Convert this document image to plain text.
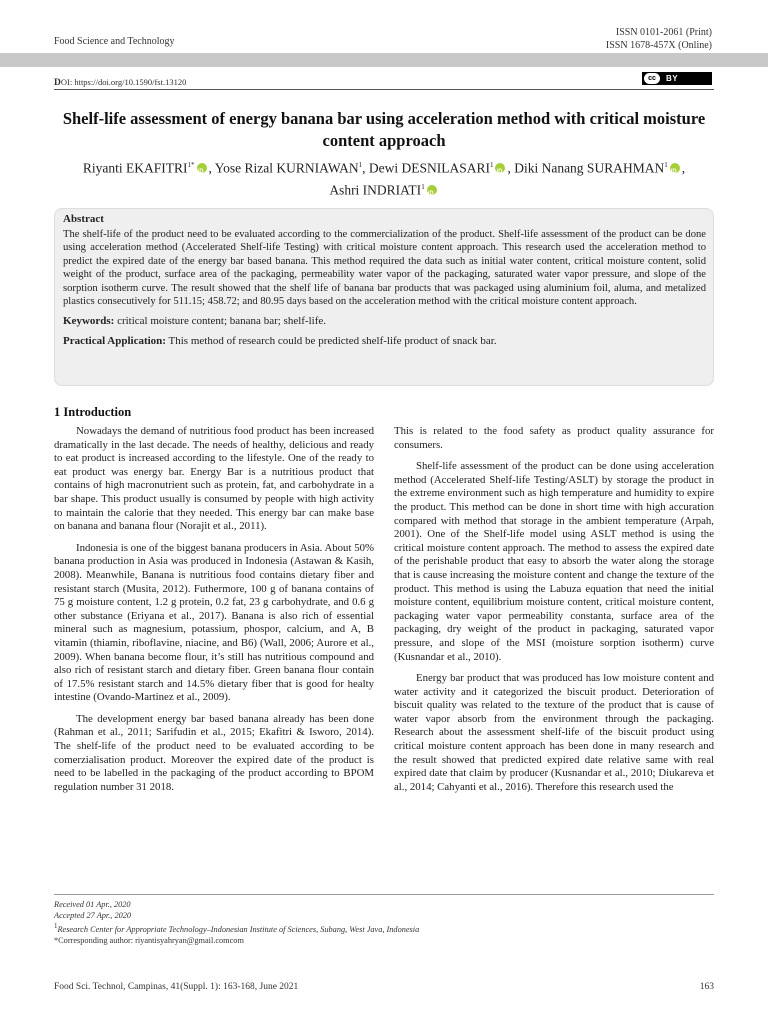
Food Science and Technology
ISSN 0101-2061 (Print)
ISSN 1678-457X (Online)
DOI: https://doi.org/10.1590/fst.13120	cc	BY
Shelf-life assessment of energy banana bar using acceleration method with critical moisture content approach
Riyanti $EKAFITRI^{1*}iD$ , Yose Rizal KURNIAWAN$^1$, Dewi DESNILASARI$^1$iD , Diki Nanang SURAHMAN$^1$iD ,
Ashri INDRIATI$^1$iD
Abstract

The shelf-life of the product need to be evaluated according to the commercialization of the product. Shelf-life assessment of the product can be done using acceleration method (Accelerated Shelf-life Testing) with critical moisture content approach. This research used the acceleration method to predict the expired date of the energy bar based banana. This method required the data such as initial water content, critical moisture content, solid weight of the product, surface area of the packaging, permeability water vapor of the packaging, saturated water vapor pressure, and slope of the sorption isotherm curve. The result showed that the shelf life of banana bar products that was packaged using aluminium foil, aluma, and metalized plastics consecutively for 511.15; 458.72; and 80.95 days based on the acceleration method with the critical moisture content approach.

Keywords: critical moisture content; banana bar; shelf-life.

Practical Application: This method of research could be predicted shelf-life product of snack bar.

1 Introduction

Nowadays the demand of nutritious food product has been increased dramatically in the last decade. The needs of healthy, delicious and ready to eat product is increased according to the lifestyle. One of the ready to eat product was energy bar. Energy Bar is a nutritious product that contains of high macronutrient such as protein, fat, and carbohydrate in a bar shape. This product usually is consumed by people with high activity to maintain the calorie that they needed. This energy bar can make base on banana and banana flour (Norajit et al., 2011).

Indonesia is one of the biggest banana producers in Asia. About 50% banana production in Asia was produced in Indonesia (Astawan & Kasih, 2008). Meanwhile, Banana is nutritious food contains dietary fiber and resistant starch (Musita, 2012). Futhermore, 100 g of banana contains of 75 g moisture content, 1.2 g protein, 0.2 fat, 23 g carbohydrate, and 0.6 g other substance (Eriyana et al., 2017). Banana is also rich of essential mineral such as magnesium, potassium, phospor, calcium, and A, B vitamin (thiamin, riboflavine, niacine, and B6) (Wall, 2006; Aurore et al., 2009). When banana become flour, it’s still has nutritious compound and also rich of resistant starch and dietary fiber. Green banana flour contain of 17.5% resistant starch and 14.5% dietary fiber that is good for healty intestine (Ovando-Martinez et al., 2009).

The development energy bar based banana already has been done (Rahman et al., 2011; Sarifudin et al., 2015; Ekafitri & Isworo, 2014). The shelf-life of the product need to be evaluated according to be comerzialisation product. Moreover the expired date of the product is need to be labelled in the packaging of the product according to BPOM regulation number 31 2018.

This is related to the food safety as product quality assurance for consumers.

Shelf-life assessment of the product can be done using acceleration method (Accelerated Shelf-life Testing/ASLT) by storage the product in the extreme environment such as high temperature and humidity to expire the product. This method can be done in short time with high accuration compared with method that storage in the ambient temperature (Arpah, 2001). One of the Shelf-life model using ASLT method is using the critical moisture content approach. The method to assess the expired date of the perishable product that easy to absorb the water along the storage that is cause increasing the moisture content and change the texture of the product. This method is using the Labuza equation that need the initial moisture content, equilibrium moisture content, critical moisture content, packaging water vapor permeability constanta, surface area of the packaging, dry weight of the product in packaging, saturated vapor pressure, and slope of the MSI (moisture sorption isotherm) curve (Kusnandar et al., 2010).

Energy bar product that was produced has low moisture content and water activity and it categorized the biscuit product. Deterioration of biscuit quality was related to the texture of the product that is cause of water vapor absorb from the environment through the packaging. Research about the assessment shelf-life of the biscuit product using critical moisture content approach has been done in many research and the result showed that predicted expired date relative same with real expired date that claim by producer (Kusnandar et al., 2010; Diukareva et al., 2014; Cahyanti et al., 2016). Therefore this research used the

Received 01 Apr., 2020
Accepted 27 Apr., 2020
$^1$Research Center for Appropriate Technology–Indonesian Institute of Sciences, Subang, West Java, Indonesia
*Corresponding author: riyantisyahryan@gmail.comcom
Food Sci. Technol, Campinas, 41(Suppl. 1): 163-168, June 2021	163
